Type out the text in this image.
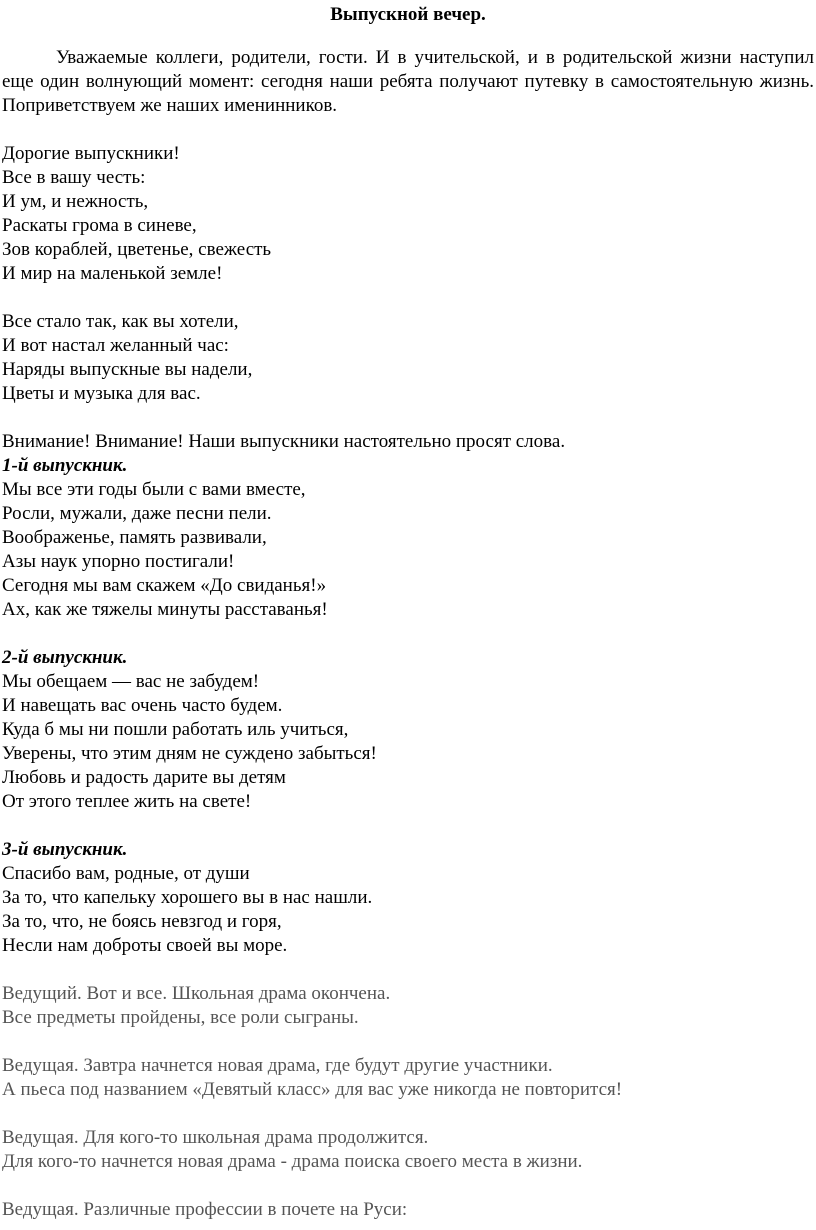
Выпускной вечер.

Уважаемые коллеги, родители, гости. И в учительской, и в родительской жизни наступил еще один волнующий момент: сегодня наши ребята получают путевку в самостоятельную жизнь. Поприветствуем же наших именинников.

Дорогие выпускники!
Все в вашу честь:
И ум, и нежность,
Раскаты грома в синеве,
Зов кораблей, цветенье, свежесть
И мир на маленькой земле!
Все стало так, как вы хотели,
И вот настал желанный час:
Наряды выпускные вы надели,
Цветы и музыка для вас.
Внимание! Внимание! Наши выпускники настоятельно просят слова.
1-й выпускник.
Мы все эти годы были с вами вместе,
Росли, мужали, даже песни пели.
Воображенье, память развивали,
Азы наук упорно постигали!
Сегодня мы вам скажем «До свиданья!»
Ах, как же тяжелы минуты расставанья!
2-й выпускник.
Мы обещаем — вас не забудем!
И навещать вас очень часто будем.
Куда б мы ни пошли работать иль учиться,
Уверены, что этим дням не суждено забыться!
Любовь и радость дарите вы детям
От этого теплее жить на свете!
3-й выпускник.
Спасибо вам, родные, от души
За то, что капельку хорошего вы в нас нашли.
За то, что, не боясь невзгод и горя,
Несли нам доброты своей вы море.
Ведущий. Вот и все. Школьная драма окончена.
Все предметы пройдены, все роли сыграны.
Ведущая. Завтра начнется новая драма, где будут другие участники.
А пьеса под названием «Девятый класс» для вас уже никогда не повторится!
Ведущая. Для кого-то школьная драма продолжится.
Для кого-то начнется новая драма - драма поиска своего места в жизни.
Ведущая. Различные профессии в почете на Руси:
